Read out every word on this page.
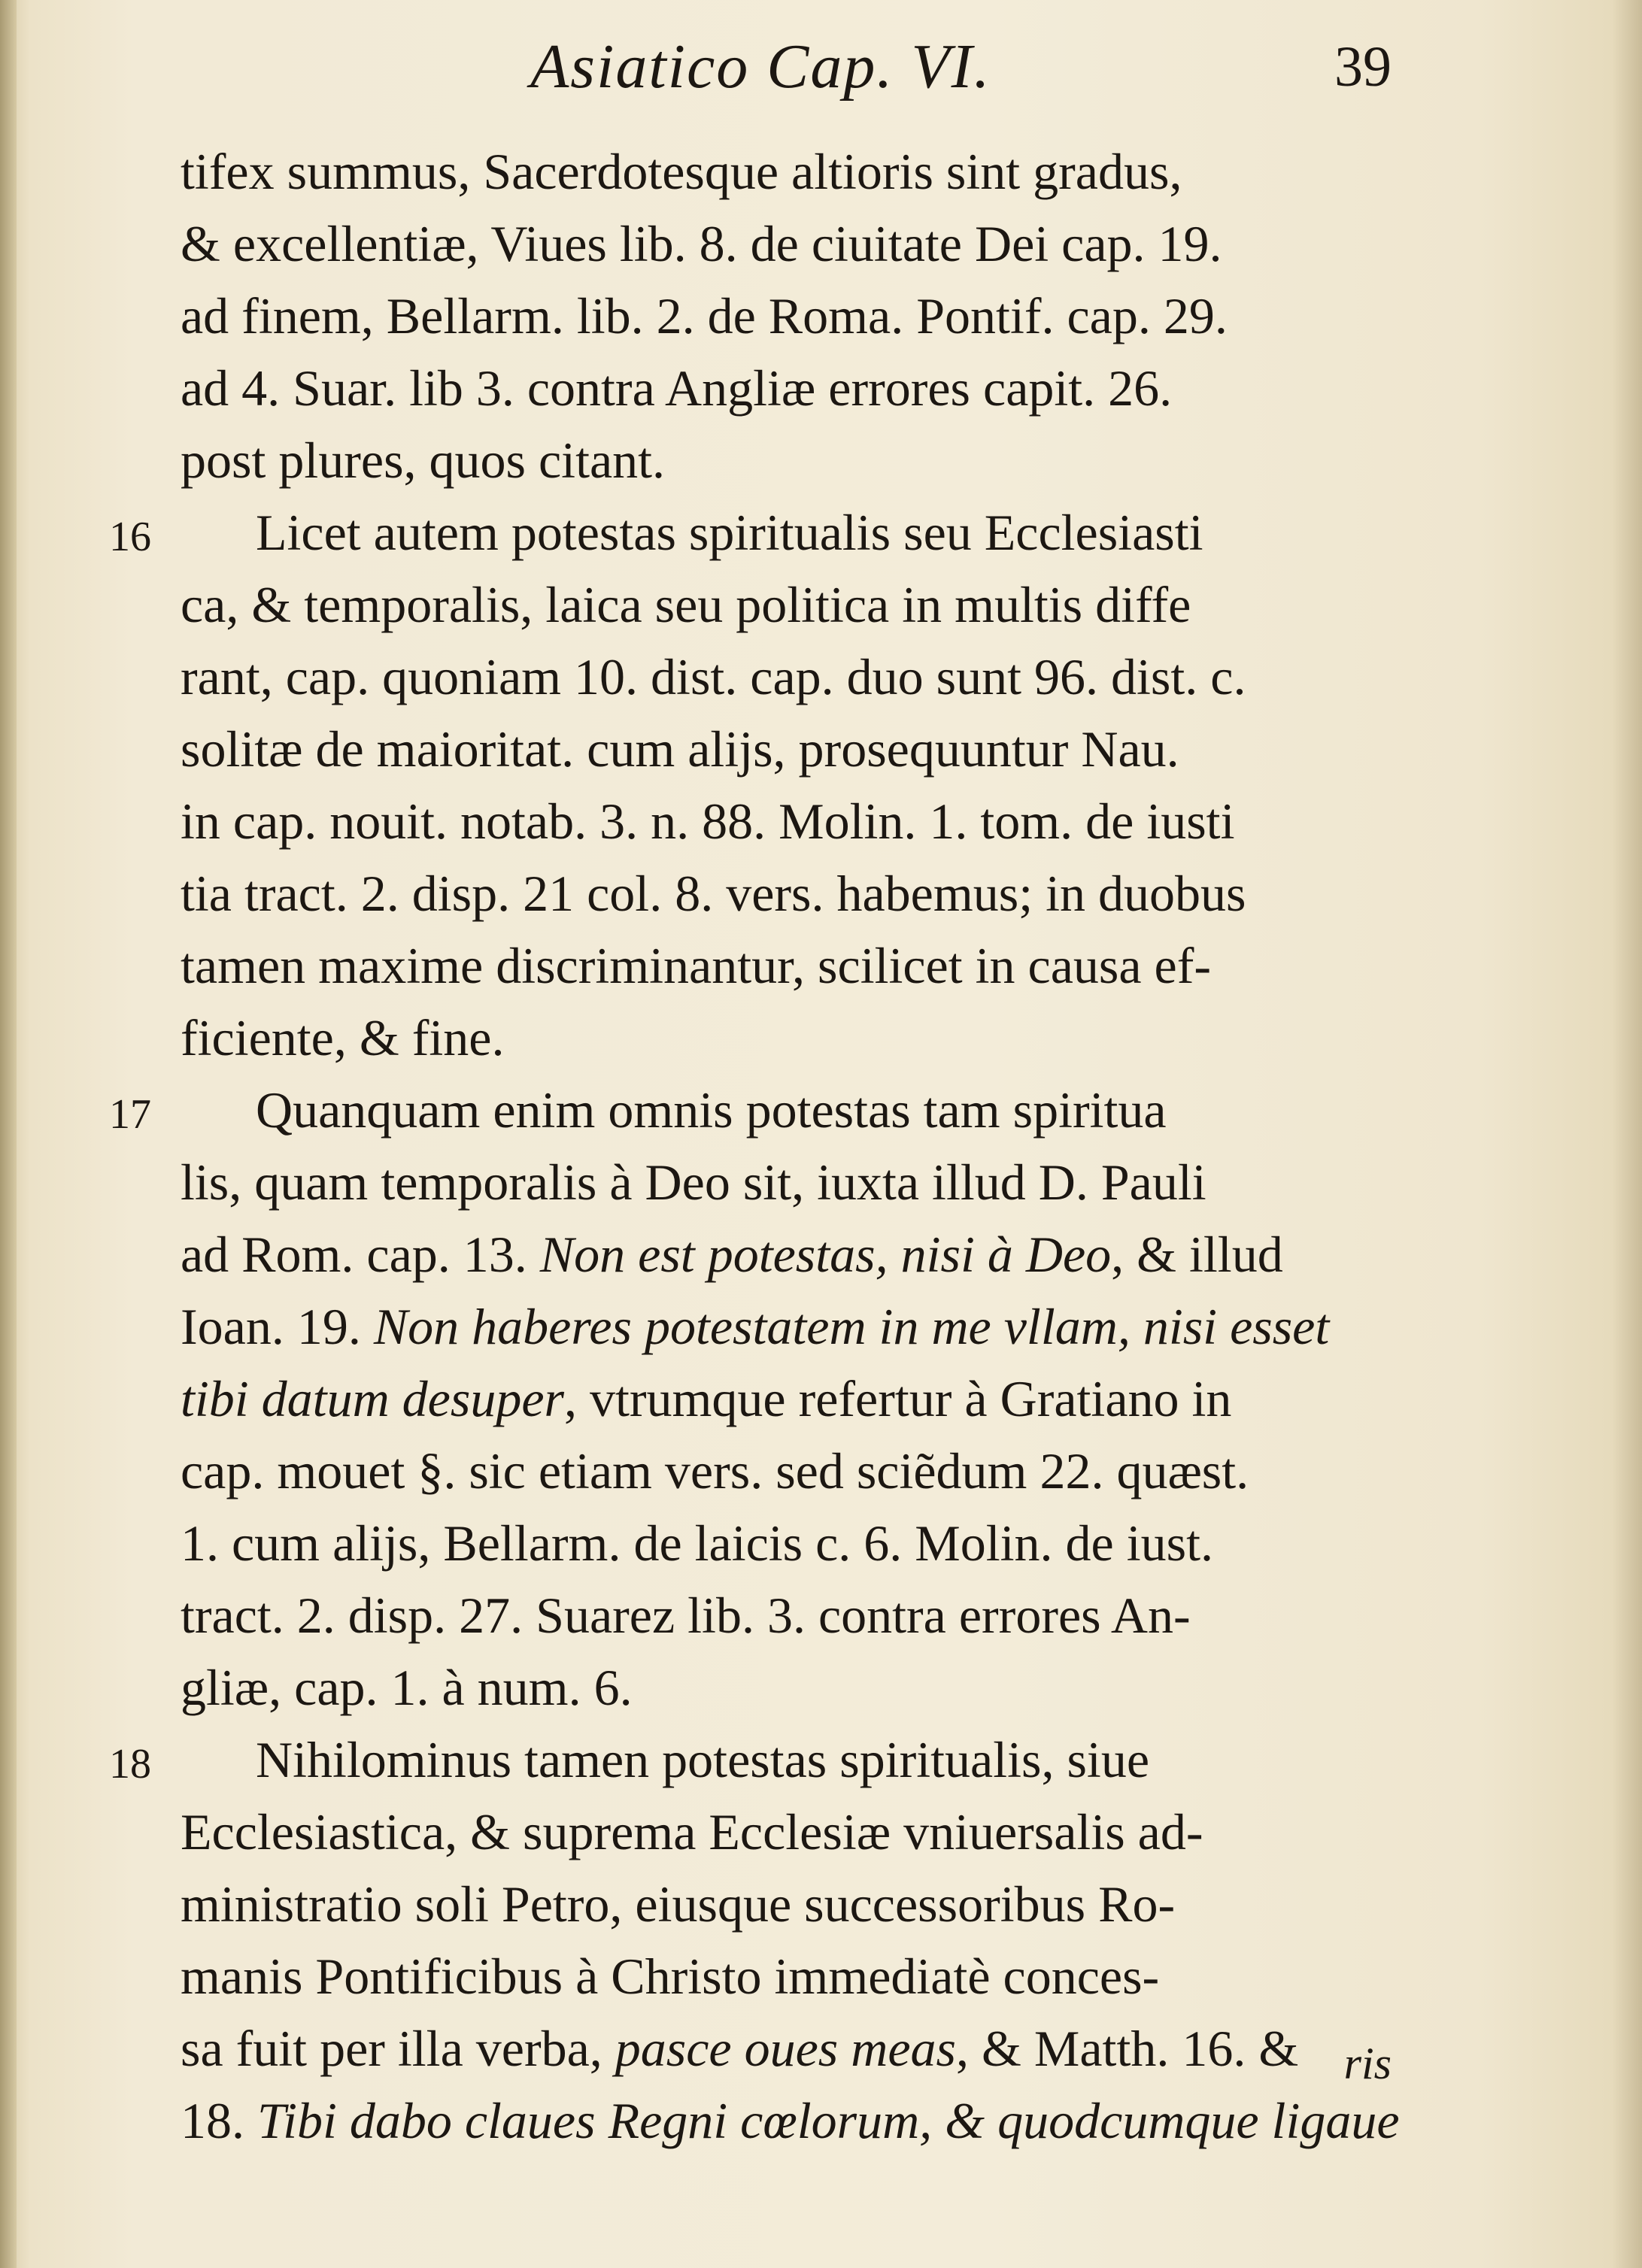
Asiatico Cap. VI.	39
tifex summus, Sacerdotesque altioris sint gradus,
& excellentiæ, Viues lib. 8. de ciuitate Dei cap. 19.
ad finem, Bellarm. lib. 2. de Roma. Pontif. cap. 29.
ad 4. Suar. lib 3. contra Angliæ errores capit. 26.
post plures, quos citant.
16 Licet autem potestas spiritualis seu Ecclesiasti
ca, & temporalis, laica seu politica in multis diffe
rant, cap. quoniam 10. dist. cap. duo sunt 96. dist. c.
solitæ de maioritat. cum alijs, prosequuntur Nau.
in cap. nouit. notab. 3. n. 88. Molin. 1. tom. de iusti
tia tract. 2. disp. 21 col. 8. vers. habemus; in duobus
tamen maxime discriminantur, scilicet in causa ef-
ficiente, & fine.
17 Quanquam enim omnis potestas tam spiritua
lis, quam temporalis à Deo sit, iuxta illud D. Pauli
ad Rom. cap. 13. Non est potestas, nisi à Deo, & illud
Ioan. 19. Non haberes potestatem in me vllam, nisi esset
tibi datum desuper, vtrumque refertur à Gratiano in
cap. mouet §. sic etiam vers. sed sciẽdum 22. quæst.
1. cum alijs, Bellarm. de laicis c. 6. Molin. de iust.
tract. 2. disp. 27. Suarez lib. 3. contra errores An-
gliæ, cap. 1. à num. 6.
18 Nihilominus tamen potestas spiritualis, siue
Ecclesiastica, & suprema Ecclesiæ vniuersalis ad-
ministratio soli Petro, eiusque successoribus Ro-
manis Pontificibus à Christo immediatè conces-
sa fuit per illa verba, pasce oues meas, & Matth. 16. &
18. Tibi dabo claues Regni cœlorum, & quodcumque ligaue
ris
